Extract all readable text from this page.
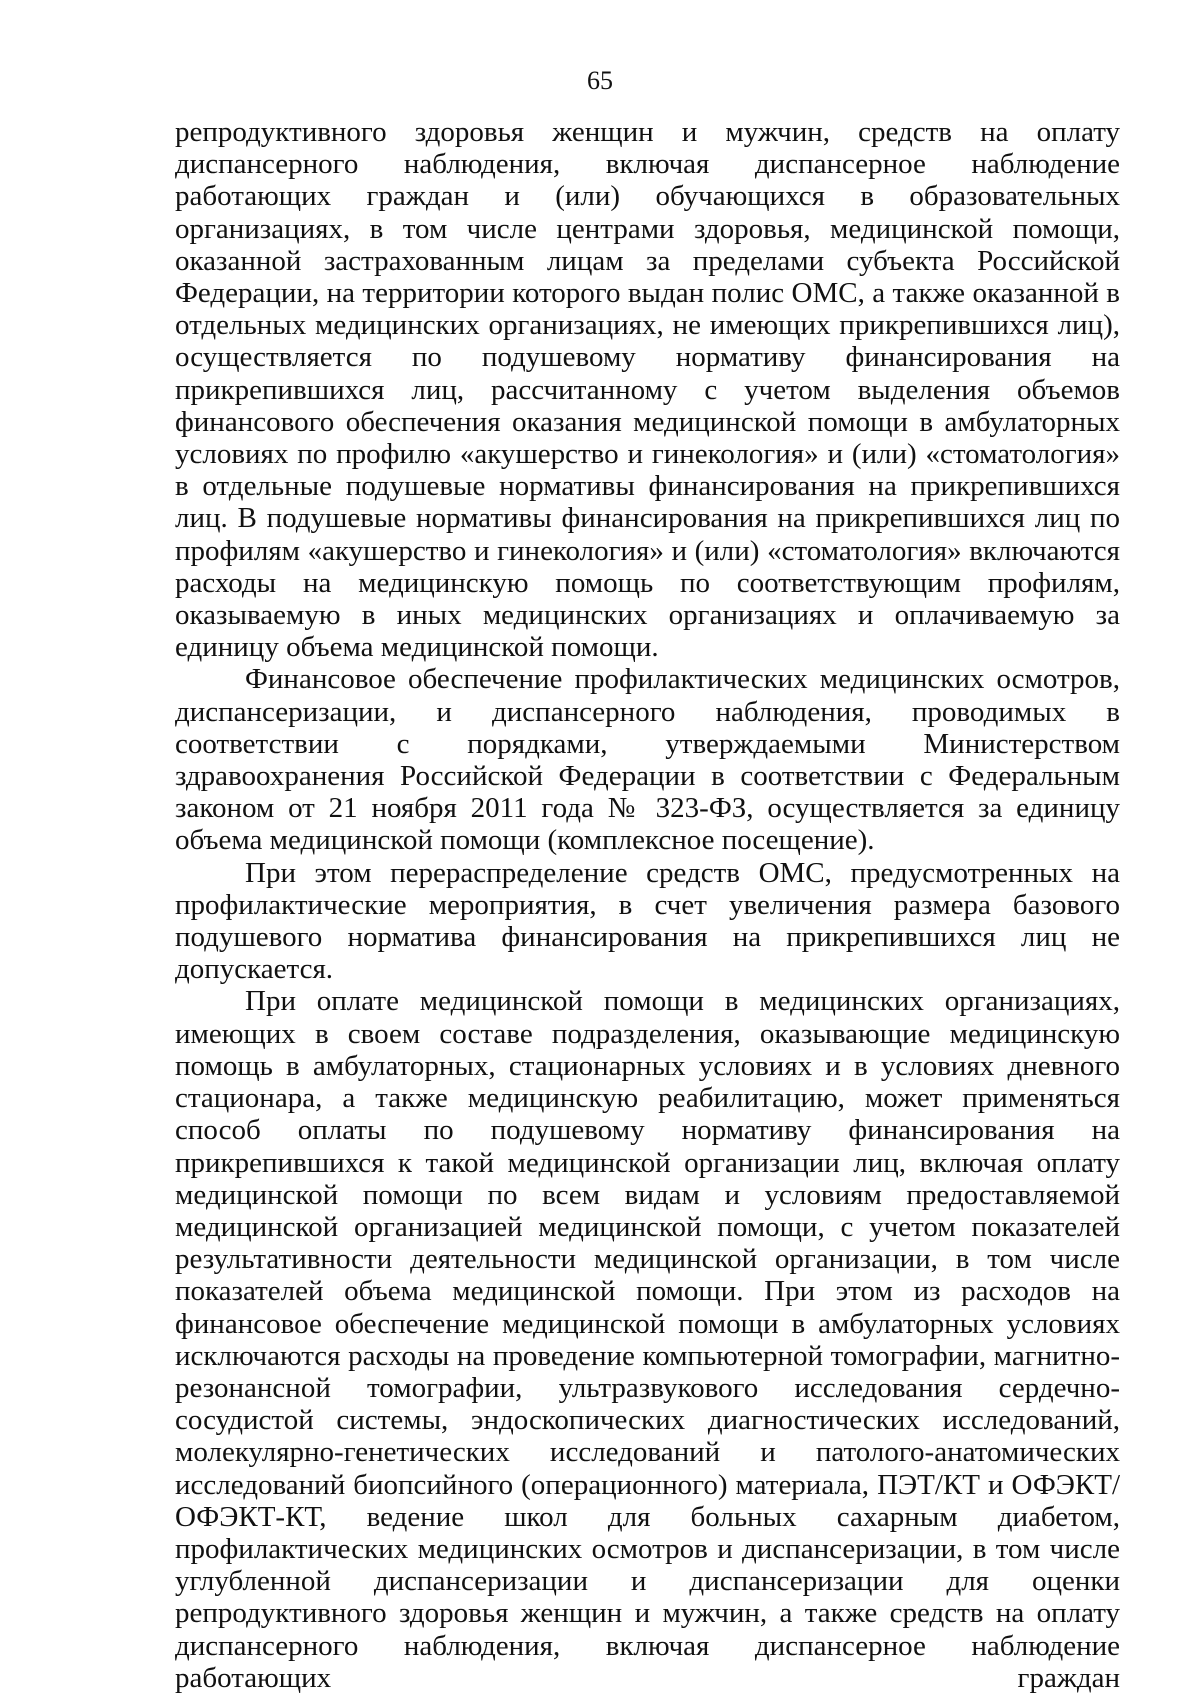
65

репродуктивного здоровья женщин и мужчин, средств на оплату диспансерного наблюдения, включая диспансерное наблюдение работающих граждан и (или) обучающихся в образовательных организациях, в том числе центрами здоровья, медицинской помощи, оказанной застрахованным лицам за пределами субъекта Российской Федерации, на территории которого выдан полис ОМС, а также оказанной в отдельных медицинских организациях, не имеющих прикрепившихся лиц), осуществляется по подушевому нормативу финансирования на прикрепившихся лиц, рассчитанному с учетом выделения объемов финансового обеспечения оказания медицинской помощи в амбулаторных условиях по профилю «акушерство и гинекология» и (или) «стоматология» в отдельные подушевые нормативы финансирования на прикрепившихся лиц. В подушевые нормативы финансирования на прикрепившихся лиц по профилям «акушерство и гинекология» и (или) «стоматология» включаются расходы на медицинскую помощь по соответствующим профилям, оказываемую в иных медицинских организациях и оплачиваемую за единицу объема медицинской помощи.

Финансовое обеспечение профилактических медицинских осмотров, диспансеризации, и диспансерного наблюдения, проводимых в соответствии с порядками, утверждаемыми Министерством здравоохранения Российской Федерации в соответствии с Федеральным законом от 21 ноября 2011 года № 323-ФЗ, осуществляется за единицу объема медицинской помощи (комплексное посещение).

При этом перераспределение средств ОМС, предусмотренных на профилактические мероприятия, в счет увеличения размера базового подушевого норматива финансирования на прикрепившихся лиц не допускается.

При оплате медицинской помощи в медицинских организациях, имеющих в своем составе подразделения, оказывающие медицинскую помощь в амбулаторных, стационарных условиях и в условиях дневного стационара, а также медицинскую реабилитацию, может применяться способ оплаты по подушевому нормативу финансирования на прикрепившихся к такой медицинской организации лиц, включая оплату медицинской помощи по всем видам и условиям предоставляемой медицинской организацией медицинской помощи, с учетом показателей результативности деятельности медицинской организации, в том числе показателей объема медицинской помощи. При этом из расходов на финансовое обеспечение медицинской помощи в амбулаторных условиях исключаются расходы на проведение компьютерной томографии, магнитно-резонансной томографии, ультразвукового исследования сердечно-сосудистой системы, эндоскопических диагностических исследований, молекулярно-генетических исследований и патолого-анатомических исследований биопсийного (операционного) материала, ПЭТ/КТ и ОФЭКТ/ОФЭКТ-КТ, ведение школ для больных сахарным диабетом, профилактических медицинских осмотров и диспансеризации, в том числе углубленной диспансеризации и диспансеризации для оценки репродуктивного здоровья женщин и мужчин, а также средств на оплату диспансерного наблюдения, включая диспансерное наблюдение работающих граждан
